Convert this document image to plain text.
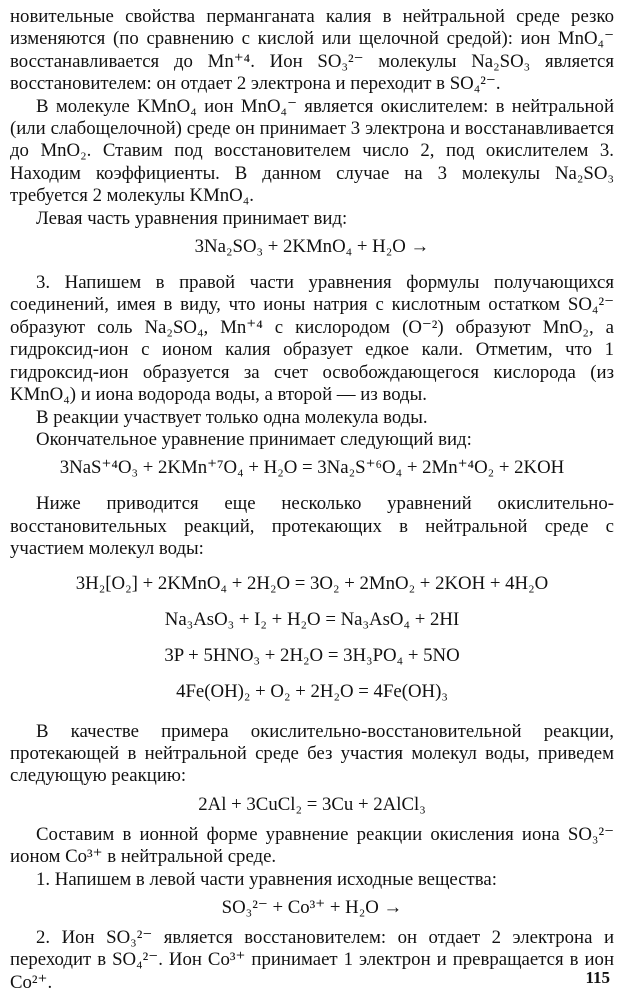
новительные свойства перманганата калия в нейтральной среде резко изменяются (по сравнению с кислой или щелочной средой): ион MnO₄⁻ восстанавливается до Mn⁺⁴. Ион SO₃²⁻ молекулы Na₂SO₃ является восстановителем: он отдает 2 электрона и переходит в SO₄²⁻.

В молекуле KMnO₄ ион MnO₄⁻ является окислителем: в нейтральной (или слабощелочной) среде он принимает 3 электрона и восстанавливается до MnO₂. Ставим под восстановителем число 2, под окислителем 3. Находим коэффициенты. В данном случае на 3 молекулы Na₂SO₃ требуется 2 молекулы KMnO₄.

Левая часть уравнения принимает вид:

3Na₂SO₃ + 2KMnO₄ + H₂O →

3. Напишем в правой части уравнения формулы получающихся соединений, имея в виду, что ионы натрия с кислотным остатком SO₄²⁻ образуют соль Na₂SO₄, Mn⁺⁴ с кислородом (O⁻²) образуют MnO₂, а гидроксид-ион с ионом калия образует едкое кали. Отметим, что 1 гидроксид-ион образуется за счет освобождающегося кислорода (из KMnO₄) и иона водорода воды, а второй — из воды.

В реакции участвует только одна молекула воды.

Окончательное уравнение принимает следующий вид:

3NaS⁺⁴O₃ + 2KMn⁺⁷O₄ + H₂O = 3Na₂S⁺⁶O₄ + 2Mn⁺⁴O₂ + 2KOH

Ниже приводится еще несколько уравнений окислительно-восстановительных реакций, протекающих в нейтральной среде с участием молекул воды:

3H₂[O₂] + 2KMnO₄ + 2H₂O = 3O₂ + 2MnO₂ + 2KOH + 4H₂O

Na₃AsO₃ + I₂ + H₂O = Na₃AsO₄ + 2HI

3P + 5HNO₃ + 2H₂O = 3H₃PO₄ + 5NO

4Fe(OH)₂ + O₂ + 2H₂O = 4Fe(OH)₃

В качестве примера окислительно-восстановительной реакции, протекающей в нейтральной среде без участия молекул воды, приведем следующую реакцию:

2Al + 3CuCl₂ = 3Cu + 2AlCl₃

Составим в ионной форме уравнение реакции окисления иона SO₃²⁻ ионом Co³⁺ в нейтральной среде.

1. Напишем в левой части уравнения исходные вещества:

SO₃²⁻ + Co³⁺ + H₂O →

2. Ион SO₃²⁻ является восстановителем: он отдает 2 электрона и переходит в SO₄²⁻. Ион Co³⁺ принимает 1 электрон и превращается в ион Co²⁺.	115
